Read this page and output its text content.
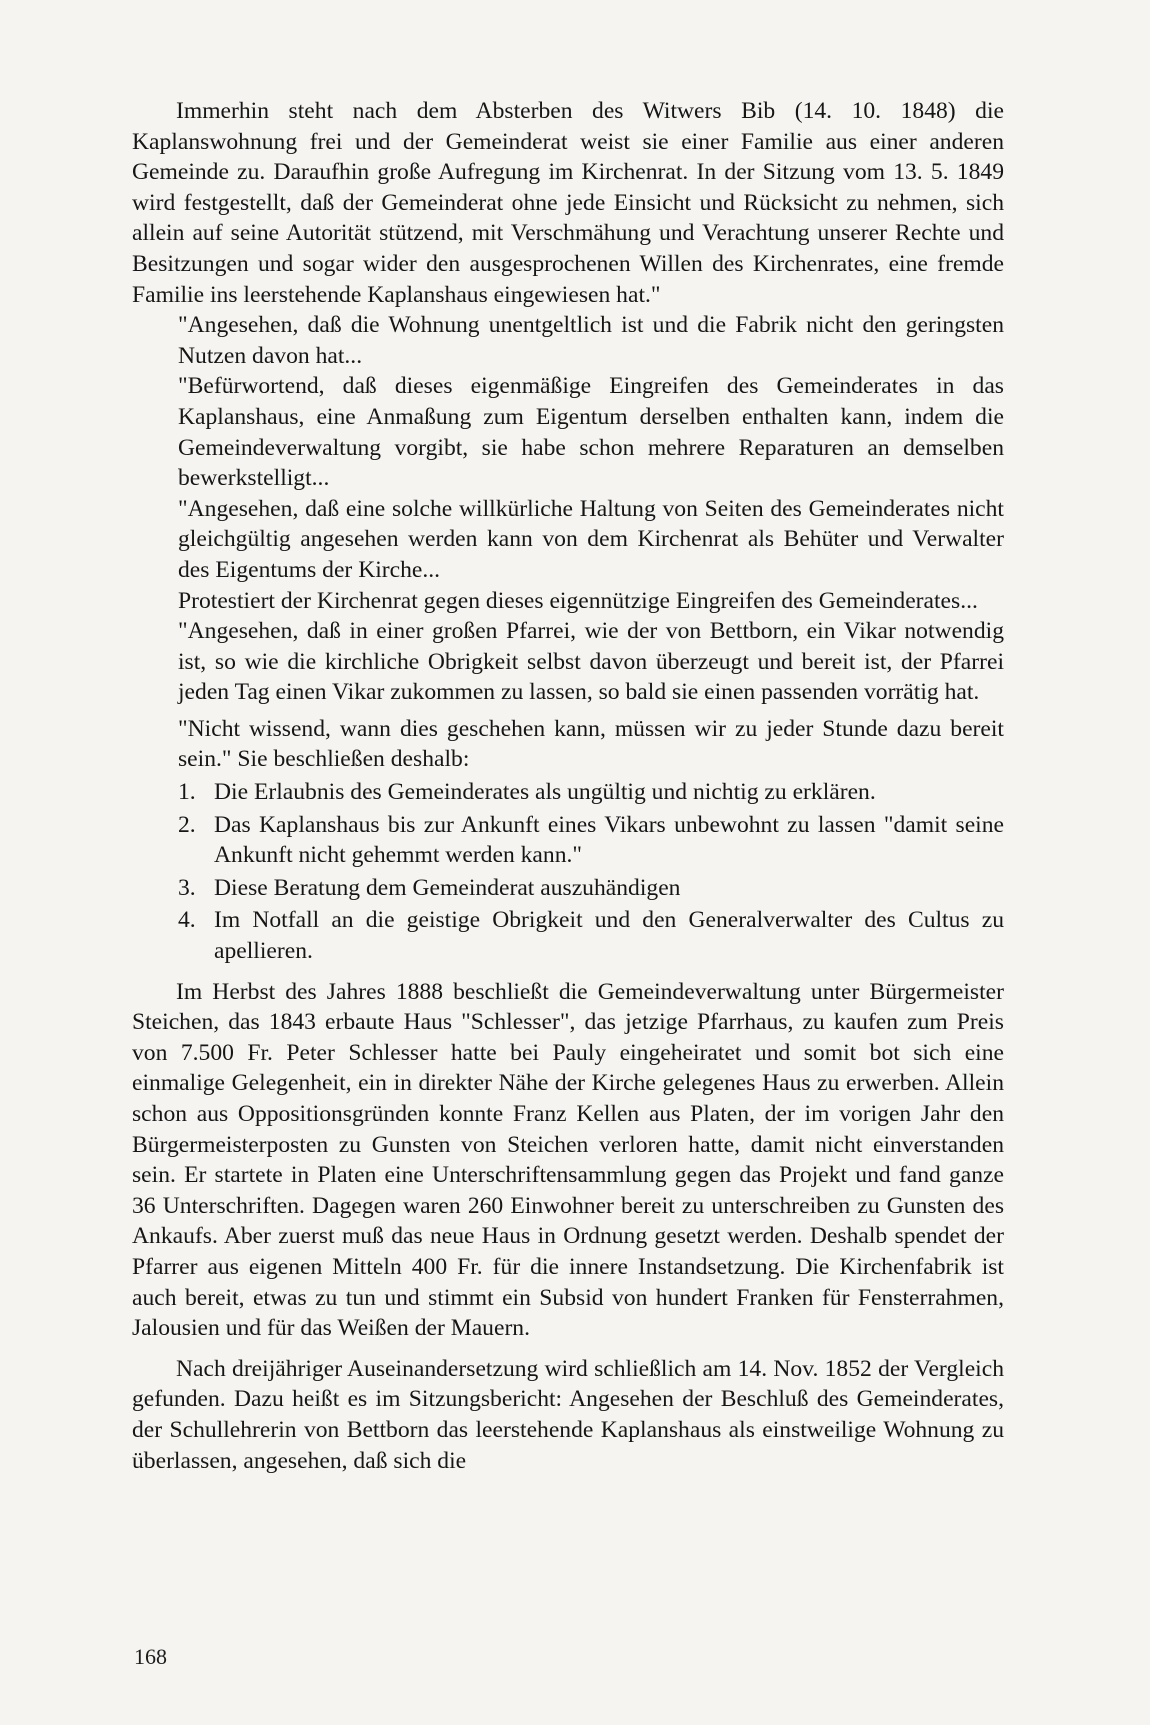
Immerhin steht nach dem Absterben des Witwers Bib (14. 10. 1848) die Kaplanswohnung frei und der Gemeinderat weist sie einer Familie aus einer anderen Gemeinde zu. Daraufhin große Aufregung im Kirchenrat. In der Sitzung vom 13. 5. 1849 wird festgestellt, daß der Gemeinderat ohne jede Einsicht und Rücksicht zu nehmen, sich allein auf seine Autorität stützend, mit Verschmähung und Verachtung unserer Rechte und Besitzungen und sogar wider den ausgesprochenen Willen des Kirchenrates, eine fremde Familie ins leerstehende Kaplanshaus eingewiesen hat."

"Angesehen, daß die Wohnung unentgeltlich ist und die Fabrik nicht den geringsten Nutzen davon hat...

"Befürwortend, daß dieses eigenmäßige Eingreifen des Gemeinderates in das Kaplanshaus, eine Anmaßung zum Eigentum derselben enthalten kann, indem die Gemeindeverwaltung vorgibt, sie habe schon mehrere Reparaturen an demselben bewerkstelligt...

"Angesehen, daß eine solche willkürliche Haltung von Seiten des Gemeinderates nicht gleichgültig angesehen werden kann von dem Kirchenrat als Behüter und Verwalter des Eigentums der Kirche...

Protestiert der Kirchenrat gegen dieses eigennützige Eingreifen des Gemeinderates...

"Angesehen, daß in einer großen Pfarrei, wie der von Bettborn, ein Vikar notwendig ist, so wie die kirchliche Obrigkeit selbst davon überzeugt und bereit ist, der Pfarrei jeden Tag einen Vikar zukommen zu lassen, so bald sie einen passenden vorrätig hat.

"Nicht wissend, wann dies geschehen kann, müssen wir zu jeder Stunde dazu bereit sein." Sie beschließen deshalb:

1. Die Erlaubnis des Gemeinderates als ungültig und nichtig zu erklären.
2. Das Kaplanshaus bis zur Ankunft eines Vikars unbewohnt zu lassen "damit seine Ankunft nicht gehemmt werden kann."
3. Diese Beratung dem Gemeinderat auszuhändigen
4. Im Notfall an die geistige Obrigkeit und den Generalverwalter des Cultus zu apellieren.

Im Herbst des Jahres 1888 beschließt die Gemeindeverwaltung unter Bürgermeister Steichen, das 1843 erbaute Haus "Schlesser", das jetzige Pfarrhaus, zu kaufen zum Preis von 7.500 Fr. Peter Schlesser hatte bei Pauly eingeheiratet und somit bot sich eine einmalige Gelegenheit, ein in direkter Nähe der Kirche gelegenes Haus zu erwerben. Allein schon aus Oppositionsgründen konnte Franz Kellen aus Platen, der im vorigen Jahr den Bürgermeisterposten zu Gunsten von Steichen verloren hatte, damit nicht einverstanden sein. Er startete in Platen eine Unterschriftensammlung gegen das Projekt und fand ganze 36 Unterschriften. Dagegen waren 260 Einwohner bereit zu unterschreiben zu Gunsten des Ankaufs. Aber zuerst muß das neue Haus in Ordnung gesetzt werden. Deshalb spendet der Pfarrer aus eigenen Mitteln 400 Fr. für die innere Instandsetzung. Die Kirchenfabrik ist auch bereit, etwas zu tun und stimmt ein Subsid von hundert Franken für Fensterrahmen, Jalousien und für das Weißen der Mauern.

Nach dreijähriger Auseinandersetzung wird schließlich am 14. Nov. 1852 der Vergleich gefunden. Dazu heißt es im Sitzungsbericht: Angesehen der Beschluß des Gemeinderates, der Schullehrerin von Bettborn das leerstehende Kaplanshaus als einstweilige Wohnung zu überlassen, angesehen, daß sich die

168
